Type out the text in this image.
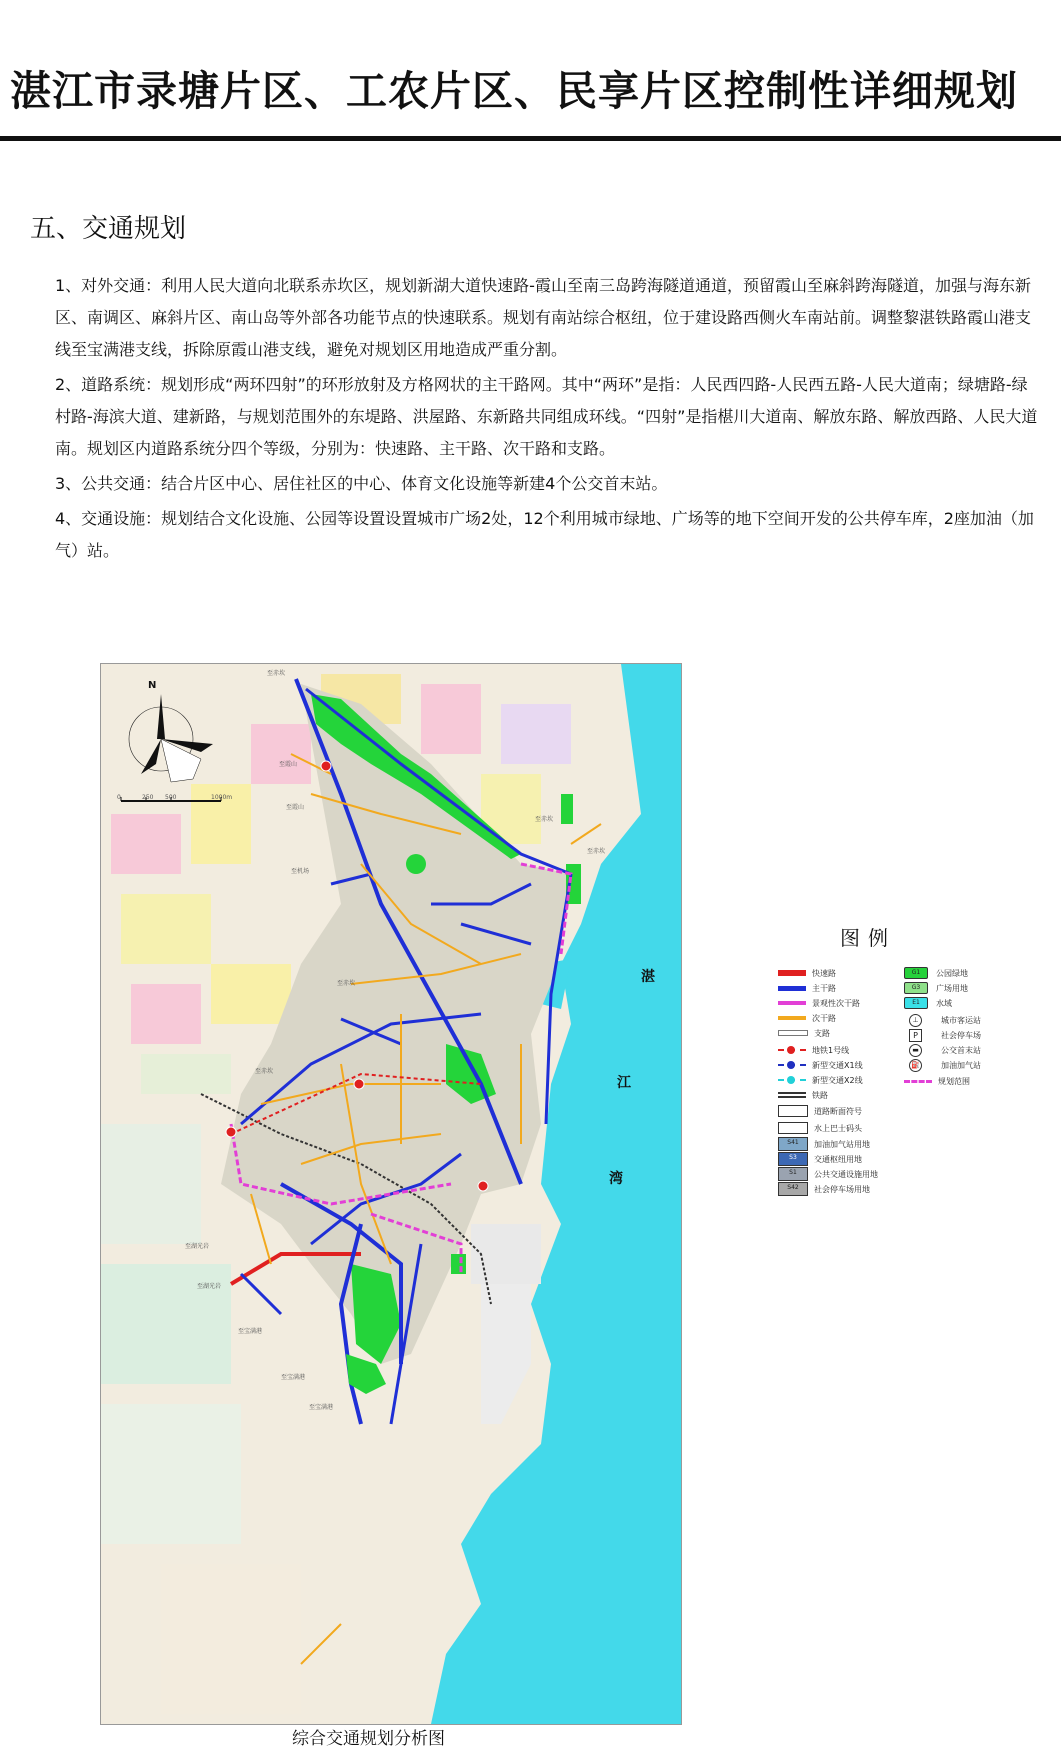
湛江市录塘片区、工农片区、民享片区控制性详细规划
五、交通规划

1、对外交通：利用人民大道向北联系赤坎区，规划新湖大道快速路-霞山至南三岛跨海隧道通道，预留霞山至麻斜跨海隧道，加强与海东新区、南调区、麻斜片区、南山岛等外部各功能节点的快速联系。规划有南站综合枢纽，位于建设路西侧火车南站前。调整黎湛铁路霞山港支线至宝满港支线，拆除原霞山港支线，避免对规划区用地造成严重分割。

2、道路系统：规划形成“两环四射”的环形放射及方格网状的主干路网。其中“两环”是指：人民西四路-人民西五路-人民大道南；绿塘路-绿村路-海滨大道、建新路，与规划范围外的东堤路、洪屋路、东新路共同组成环线。“四射”是指椹川大道南、解放东路、解放西路、人民大道南。规划区内道路系统分四个等级，分别为：快速路、主干路、次干路和支路。

3、公共交通：结合片区中心、居住社区的中心、体育文化设施等新建4个公交首末站。

4、交通设施：规划结合文化设施、公园等设置设置城市广场2处，12个利用城市绿地、广场等的地下空间开发的公共停车库，2座加油（加气）站。

N
0	250 500	1000m
至赤坎
至霞山
至霞山
至机场
至赤坎
至赤坎
至赤坎
至赤坎
至湖光岩
至湖光岩
至宝满港
至宝满港
至宝满港
湛
江
湾
综合交通规划分析图
图例
快速路
主干路
景观性次干路
次干路
支路
地铁1号线
新型交通X1线
新型交通X2线
铁路
道路断面符号
水上巴士码头
S41	加油加气站用地
S3	交通枢纽用地
S1	公共交通设施用地
S42	社会停车场用地
G1	公园绿地
G3	广场用地
E1	水域
⊥	城市客运站
P	社会停车场
▬	公交首末站
⛽	加油加气站
规划范围
